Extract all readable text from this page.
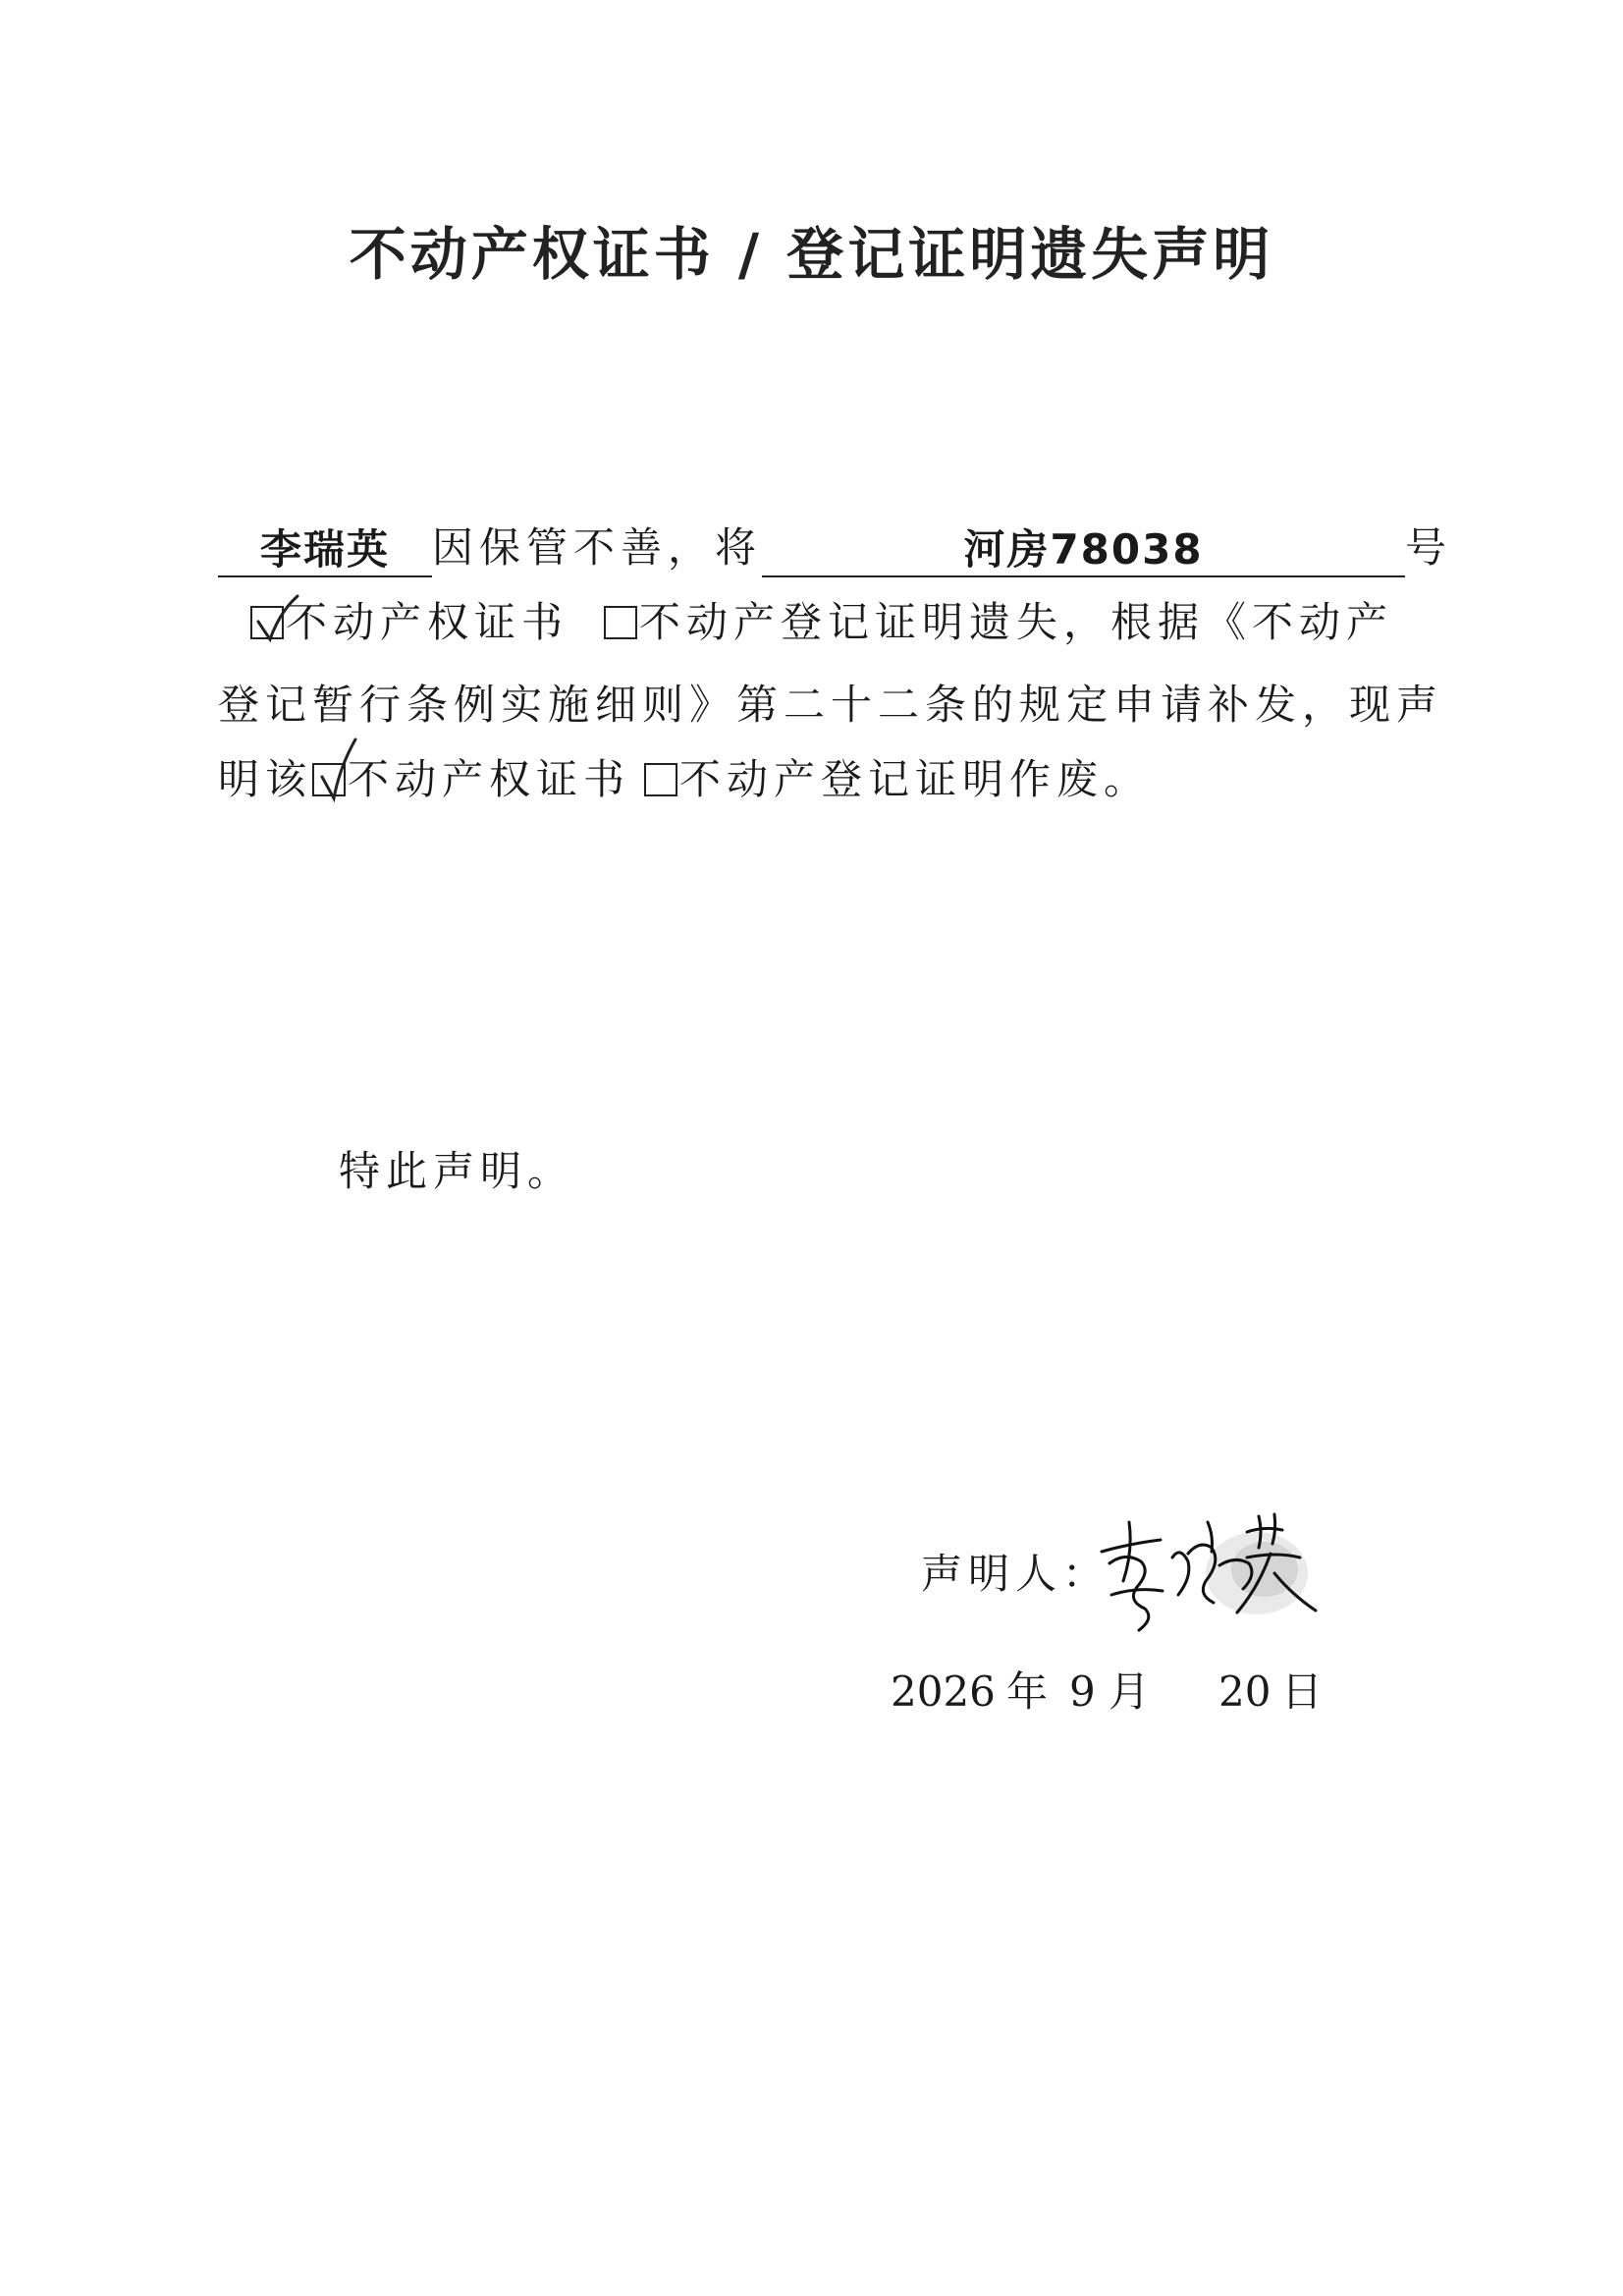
不动产权证书 / 登记证明遗失声明
李瑞英 因保管不善，将	河房78038	号
不动产权证书 不动产登记证明遗失，根据《不动产
登记暂行条例实施细则》第二十二条的规定申请补发，现声
明该 不动产权证书 不动产登记证明作废。
特此声明。
声明人：
2026 年 9 月 20 日
